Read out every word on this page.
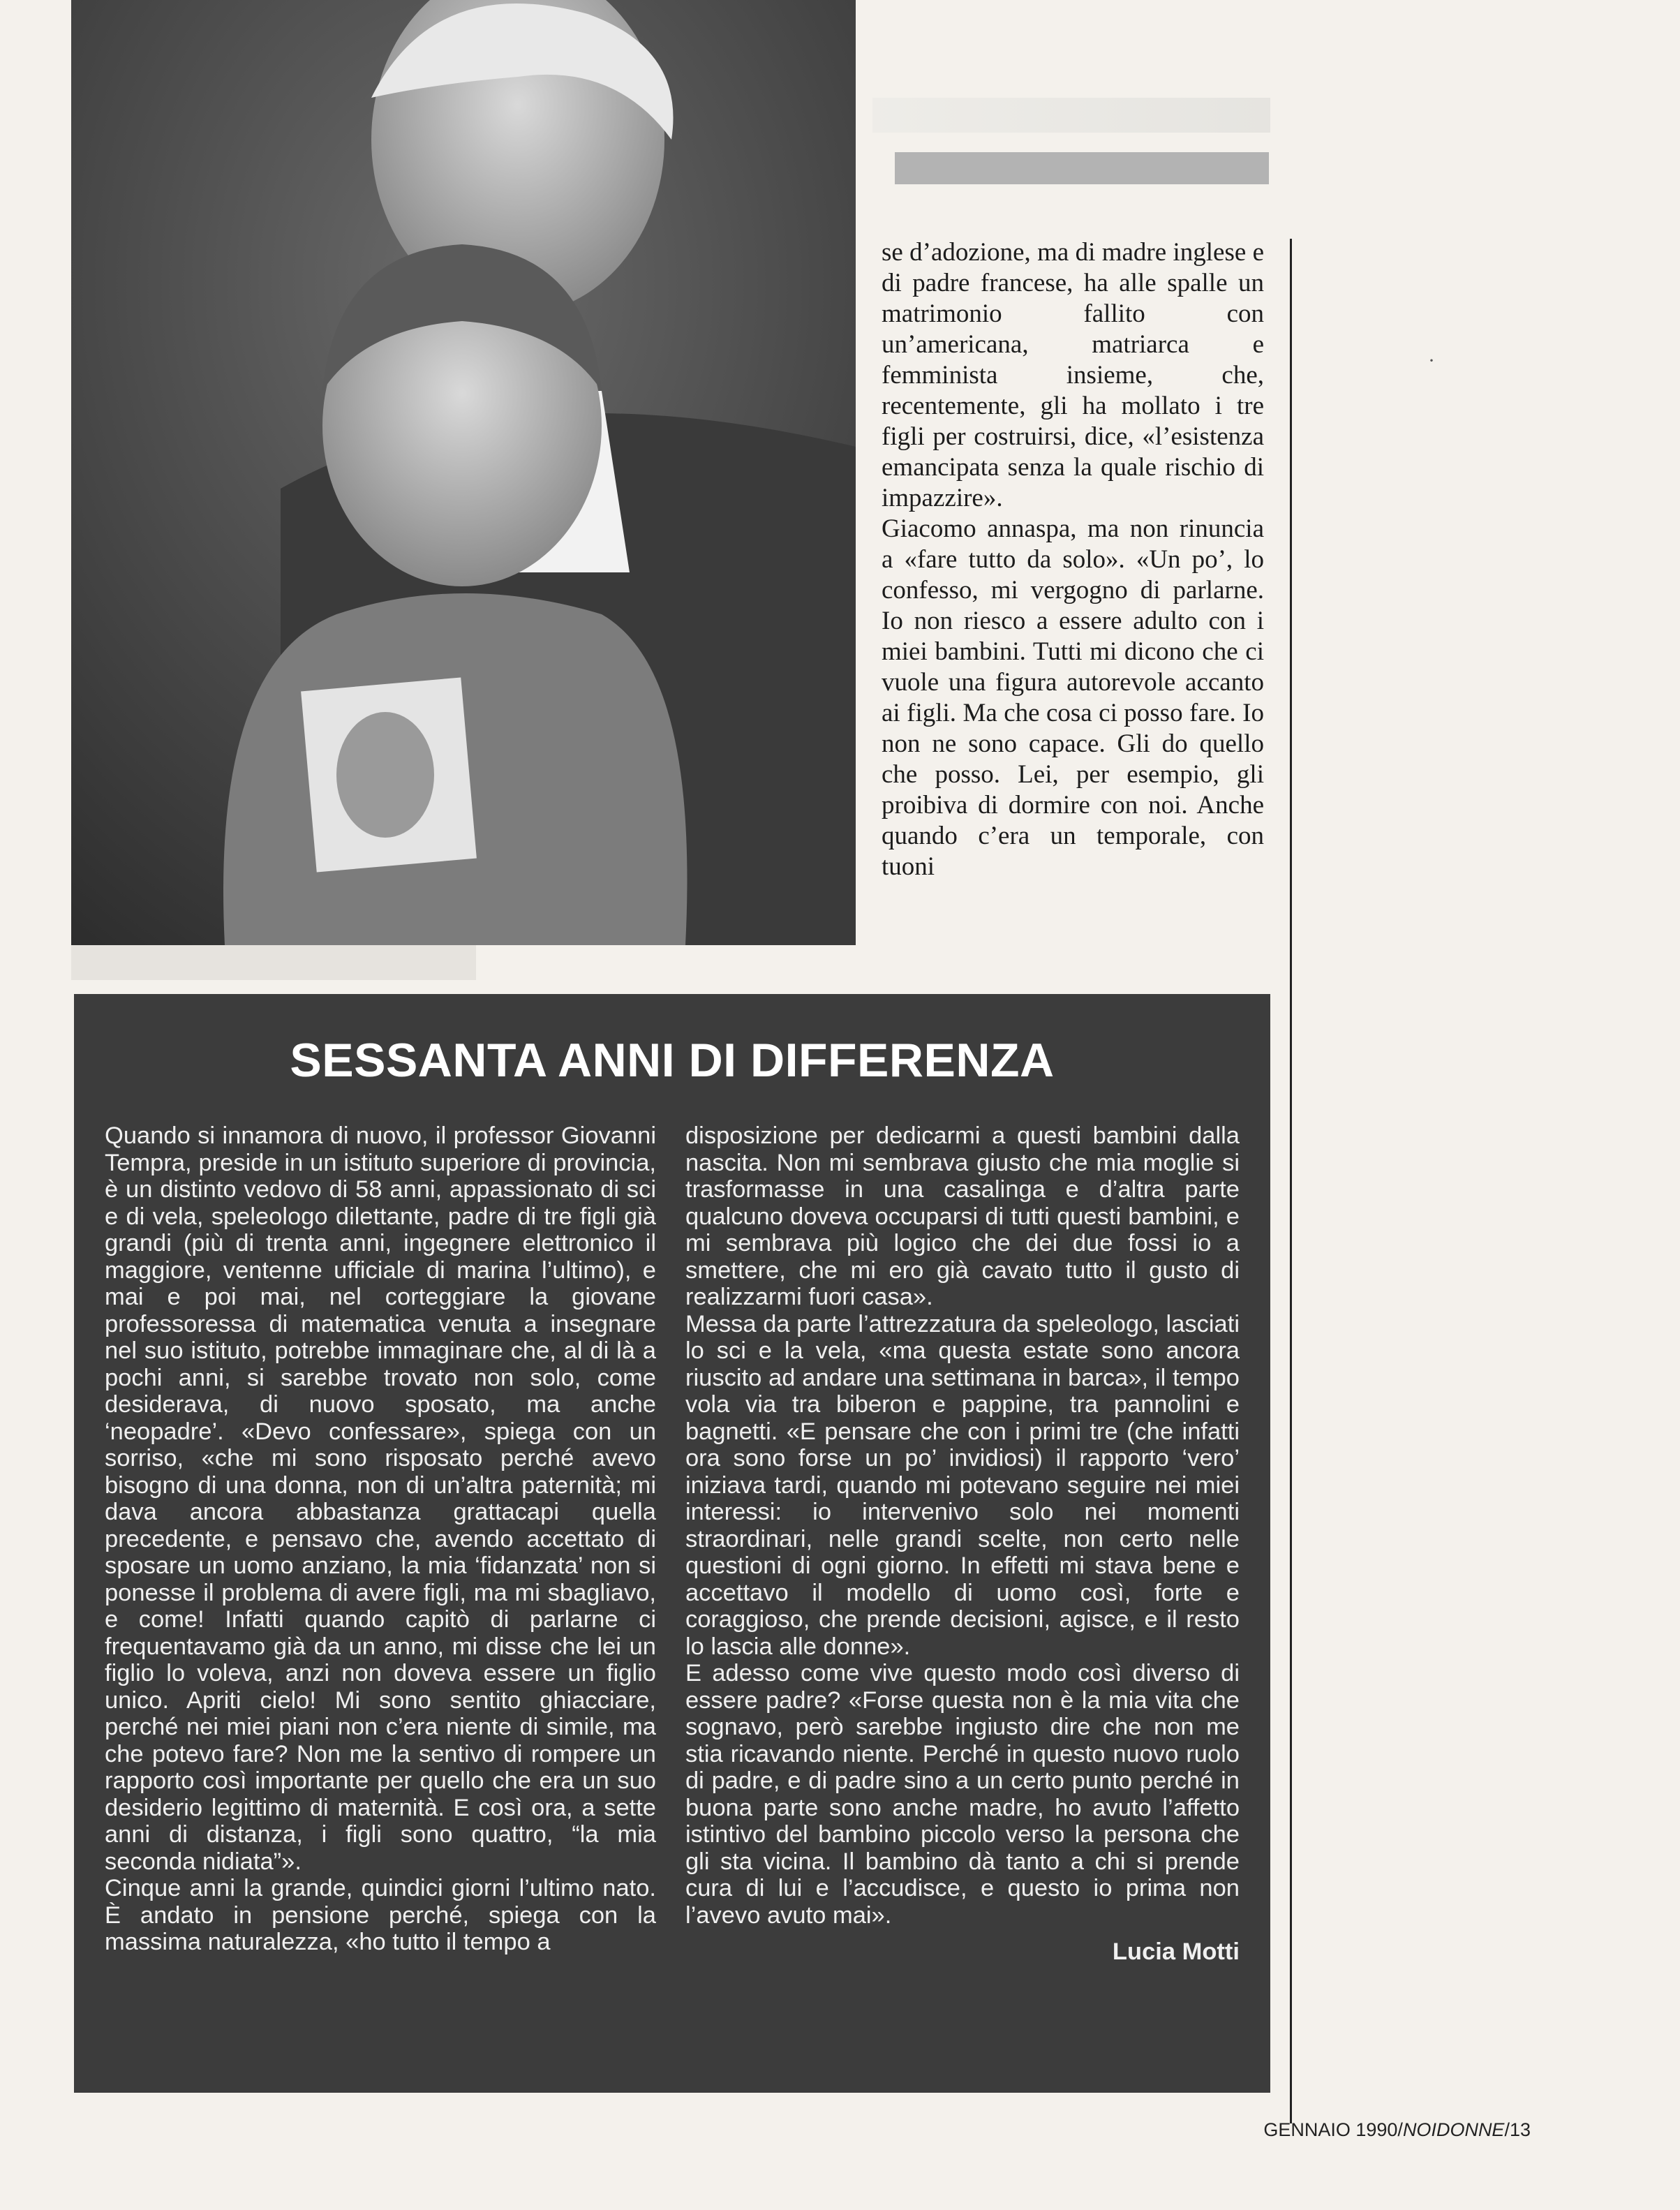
se d’adozione, ma di madre inglese e di padre francese, ha alle spalle un matrimonio fallito con un’americana, matriarca e femminista insieme, che, recentemente, gli ha mollato i tre figli per costruirsi, dice, «l’esistenza emancipata senza la quale rischio di impazzire».

Giacomo annaspa, ma non rinuncia a «fare tutto da solo». «Un po’, lo confesso, mi vergogno di parlarne. Io non riesco a essere adulto con i miei bambini. Tutti mi dicono che ci vuole una figura autorevole accanto ai figli. Ma che cosa ci posso fare. Io non ne sono capace. Gli do quello che posso. Lei, per esempio, gli proibiva di dormire con noi. Anche quando c’era un temporale, con tuoni

SESSANTA ANNI DI DIFFERENZA

Quando si innamora di nuovo, il professor Giovanni Tempra, preside in un istituto superiore di provincia, è un distinto vedovo di 58 anni, appassionato di sci e di vela, speleologo dilettante, padre di tre figli già grandi (più di trenta anni, ingegnere elettronico il maggiore, ventenne ufficiale di marina l’ultimo), e mai e poi mai, nel corteggiare la giovane professoressa di matematica venuta a insegnare nel suo istituto, potrebbe immaginare che, al di là a pochi anni, si sarebbe trovato non solo, come desiderava, di nuovo sposato, ma anche ‘neopadre’. «Devo confessare», spiega con un sorriso, «che mi sono risposato perché avevo bisogno di una donna, non di un’altra paternità; mi dava ancora abbastanza grattacapi quella precedente, e pensavo che, avendo accettato di sposare un uomo anziano, la mia ‘fidanzata’ non si ponesse il problema di avere figli, ma mi sbagliavo, e come! Infatti quando capitò di parlarne ci frequentavamo già da un anno, mi disse che lei un figlio lo voleva, anzi non doveva essere un figlio unico. Apriti cielo! Mi sono sentito ghiacciare, perché nei miei piani non c’era niente di simile, ma che potevo fare? Non me la sentivo di rompere un rapporto così importante per quello che era un suo desiderio legittimo di maternità. E così ora, a sette anni di distanza, i figli sono quattro, “la mia seconda nidiata”».

Cinque anni la grande, quindici giorni l’ultimo nato. È andato in pensione perché, spiega con la massima naturalezza, «ho tutto il tempo a

disposizione per dedicarmi a questi bambini dalla nascita. Non mi sembrava giusto che mia moglie si trasformasse in una casalinga e d’altra parte qualcuno doveva occuparsi di tutti questi bambini, e mi sembrava più logico che dei due fossi io a smettere, che mi ero già cavato tutto il gusto di realizzarmi fuori casa».

Messa da parte l’attrezzatura da speleologo, lasciati lo sci e la vela, «ma questa estate sono ancora riuscito ad andare una settimana in barca», il tempo vola via tra biberon e pappine, tra pannolini e bagnetti. «E pensare che con i primi tre (che infatti ora sono forse un po’ invidiosi) il rapporto ‘vero’ iniziava tardi, quando mi potevano seguire nei miei interessi: io intervenivo solo nei momenti straordinari, nelle grandi scelte, non certo nelle questioni di ogni giorno. In effetti mi stava bene e accettavo il modello di uomo così, forte e coraggioso, che prende decisioni, agisce, e il resto lo lascia alle donne».

E adesso come vive questo modo così diverso di essere padre? «Forse questa non è la mia vita che sognavo, però sarebbe ingiusto dire che non me stia ricavando niente. Perché in questo nuovo ruolo di padre, e di padre sino a un certo punto perché in buona parte sono anche madre, ho avuto l’affetto istintivo del bambino piccolo verso la persona che gli sta vicina. Il bambino dà tanto a chi si prende cura di lui e l’accudisce, e questo io prima non l’avevo avuto mai».

Lucia Motti

GENNAIO 1990/NOIDONNE/13
·
